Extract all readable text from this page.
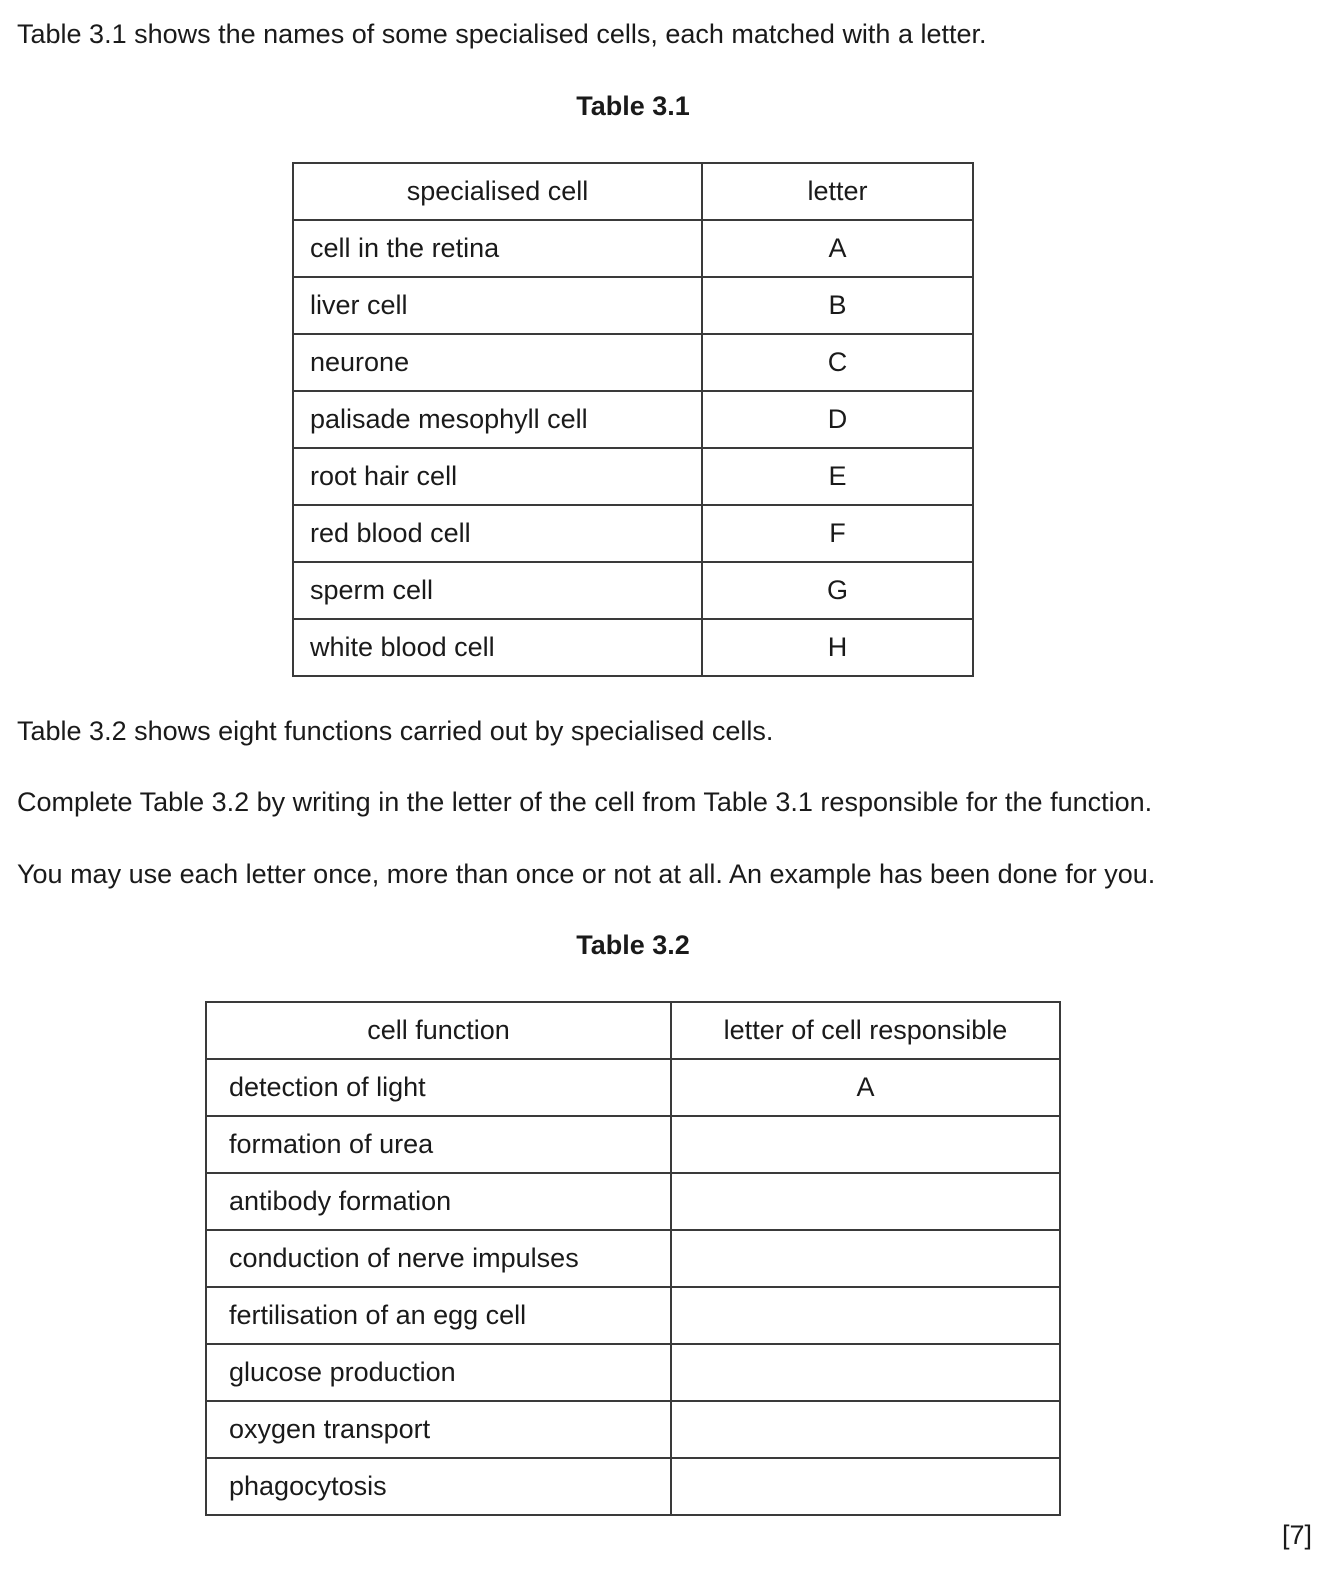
Table 3.1 shows the names of some specialised cells, each matched with a letter.

Table 3.1

specialised cell	letter
cell in the retina	A
liver cell	B
neurone	C
palisade mesophyll cell	D
root hair cell	E
red blood cell	F
sperm cell	G
white blood cell	H

Table 3.2 shows eight functions carried out by specialised cells.

Complete Table 3.2 by writing in the letter of the cell from Table 3.1 responsible for the function.

You may use each letter once, more than once or not at all. An example has been done for you.

Table 3.2

cell function	letter of cell responsible
detection of light	A
formation of urea	
antibody formation	
conduction of nerve impulses	
fertilisation of an egg cell	
glucose production	
oxygen transport	
phagocytosis	
[7]
